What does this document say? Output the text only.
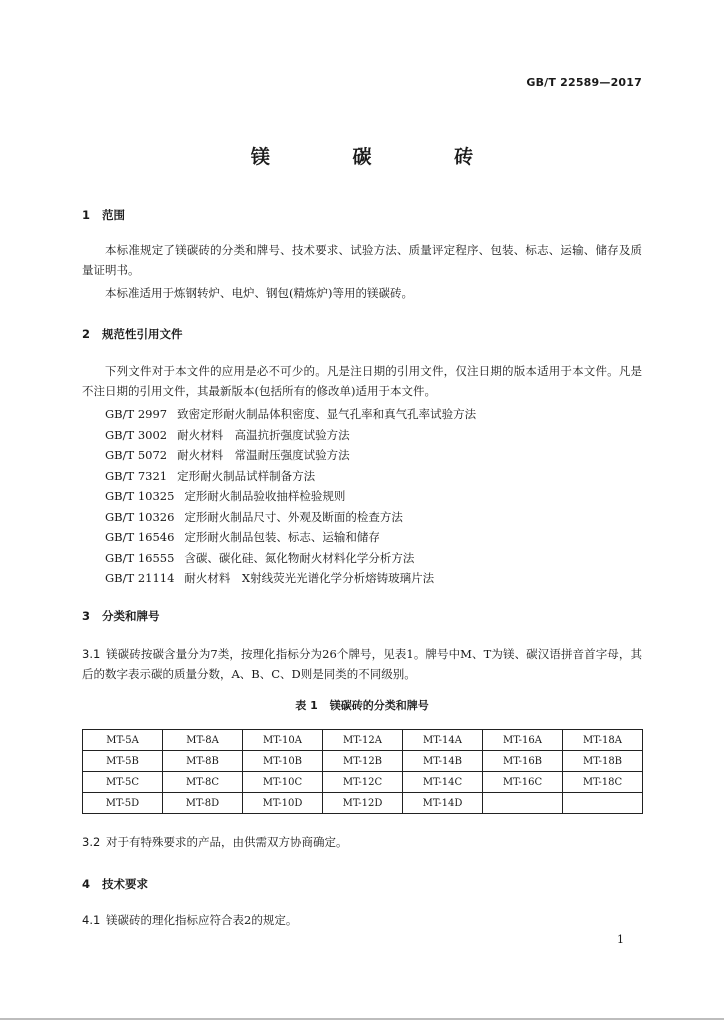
GB/T 22589—2017
镁 碳 砖
1 范围
本标准规定了镁碳砖的分类和牌号、技术要求、试验方法、质量评定程序、包装、标志、运输、储存及质量证明书。
本标准适用于炼钢转炉、电炉、钢包(精炼炉)等用的镁碳砖。
2 规范性引用文件
下列文件对于本文件的应用是必不可少的。凡是注日期的引用文件，仅注日期的版本适用于本文件。凡是不注日期的引用文件，其最新版本(包括所有的修改单)适用于本文件。
GB/T 2997 致密定形耐火制品体积密度、显气孔率和真气孔率试验方法
GB/T 3002 耐火材料　高温抗折强度试验方法
GB/T 5072 耐火材料　常温耐压强度试验方法
GB/T 7321 定形耐火制品试样制备方法
GB/T 10325 定形耐火制品验收抽样检验规则
GB/T 10326 定形耐火制品尺寸、外观及断面的检查方法
GB/T 16546 定形耐火制品包装、标志、运输和储存
GB/T 16555 含碳、碳化硅、氮化物耐火材料化学分析方法
GB/T 21114 耐火材料　X射线荧光光谱化学分析熔铸玻璃片法
3 分类和牌号
3.1 镁碳砖按碳含量分为7类，按理化指标分为26个牌号，见表1。牌号中M、T为镁、碳汉语拼音首字母，其后的数字表示碳的质量分数，A、B、C、D则是同类的不同级别。
表 1 镁碳砖的分类和牌号
MT-5A	MT-8A	MT-10A	MT-12A	MT-14A	MT-16A	MT-18A
MT-5B	MT-8B	MT-10B	MT-12B	MT-14B	MT-16B	MT-18B
MT-5C	MT-8C	MT-10C	MT-12C	MT-14C	MT-16C	MT-18C
MT-5D	MT-8D	MT-10D	MT-12D	MT-14D		
3.2 对于有特殊要求的产品，由供需双方协商确定。
4 技术要求
4.1 镁碳砖的理化指标应符合表2的规定。
1
